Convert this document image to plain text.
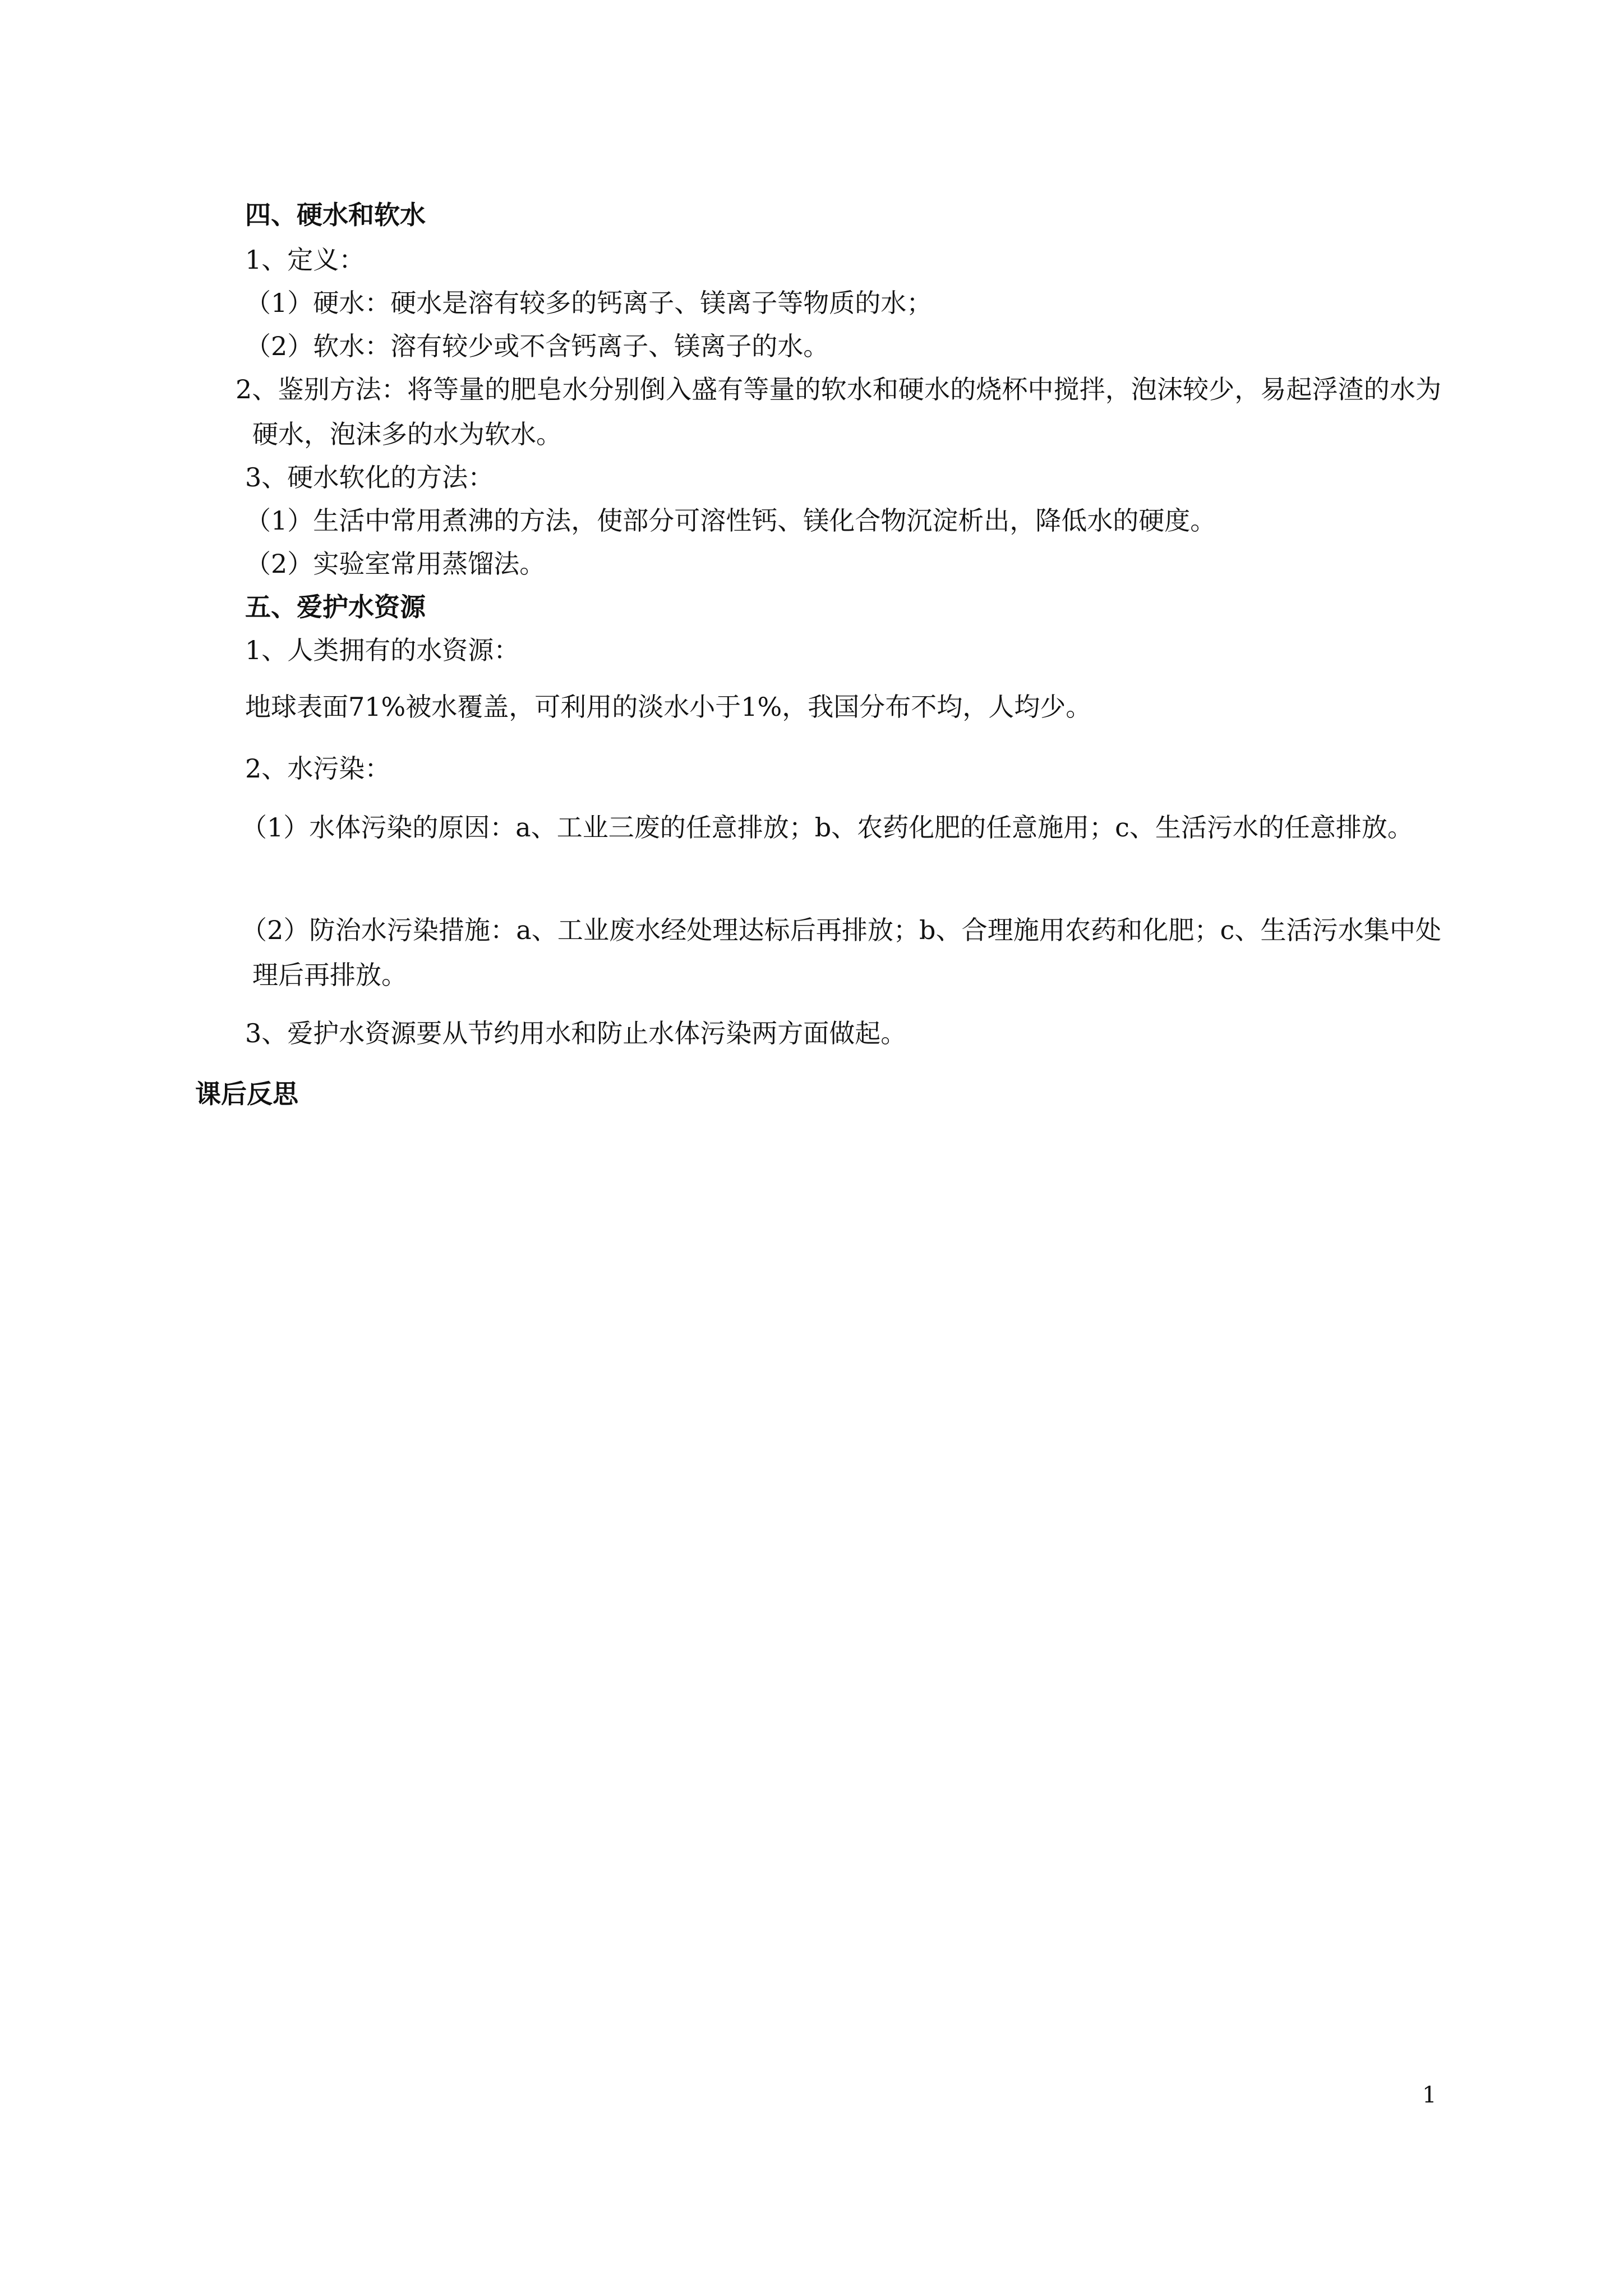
四、硬水和软水
1、定义：
（1）硬水：硬水是溶有较多的钙离子、镁离子等物质的水；
（2）软水：溶有较少或不含钙离子、镁离子的水。
2、鉴别方法：将等量的肥皂水分别倒入盛有等量的软水和硬水的烧杯中搅拌，泡沫较少，易起浮渣的水为硬水，泡沫多的水为软水。
3、硬水软化的方法：
（1）生活中常用煮沸的方法，使部分可溶性钙、镁化合物沉淀析出，降低水的硬度。
（2）实验室常用蒸馏法。
五、爱护水资源
1、人类拥有的水资源：
地球表面71%被水覆盖，可利用的淡水小于1%，我国分布不均，人均少。
2、水污染：
（1）水体污染的原因：a、工业三废的任意排放；b、农药化肥的任意施用；c、生活污水的任意排放。
（2）防治水污染措施：a、工业废水经处理达标后再排放；b、合理施用农药和化肥；c、生活污水集中处理后再排放。
3、爱护水资源要从节约用水和防止水体污染两方面做起。
课后反思
1
